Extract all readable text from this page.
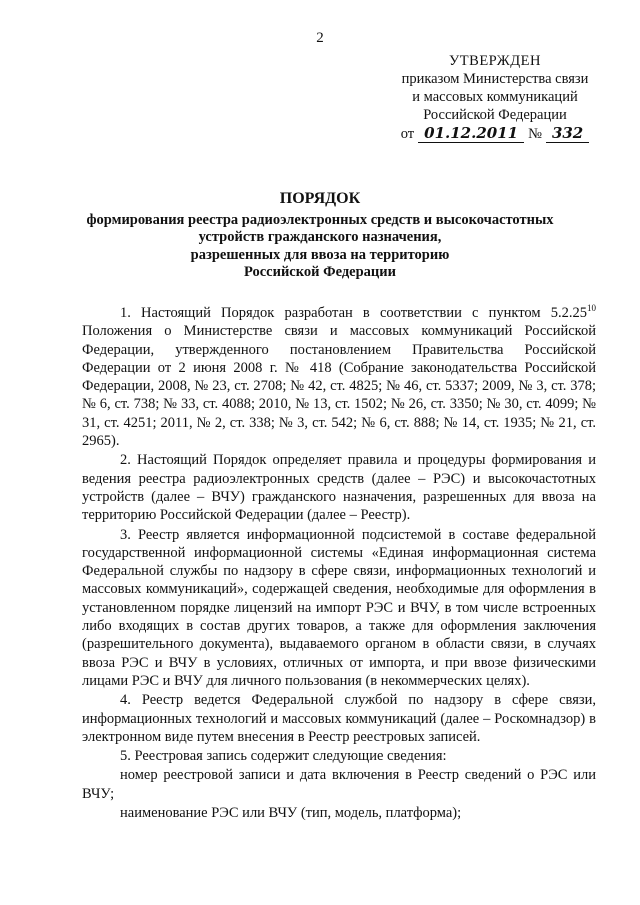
2
УТВЕРЖДЕН
приказом Министерства связи
и массовых коммуникаций
Российской Федерации
от 01.12.2011 № 332
ПОРЯДОК
формирования реестра радиоэлектронных средств и высокочастотных
устройств гражданского назначения,
разрешенных для ввоза на территорию
Российской Федерации

1. Настоящий Порядок разработан в соответствии с пунктом 5.2.25$^{10}$ Положения о Министерстве связи и массовых коммуникаций Российской Федерации, утвержденного постановлением Правительства Российской Федерации от 2 июня 2008 г. № 418 (Собрание законодательства Российской Федерации, 2008, № 23, ст. 2708; № 42, ст. 4825; № 46, ст. 5337; 2009, № 3, ст. 378; № 6, ст. 738; № 33, ст. 4088; 2010, № 13, ст. 1502; № 26, ст. 3350; № 30, ст. 4099; № 31, ст. 4251; 2011, № 2, ст. 338; № 3, ст. 542; № 6, ст. 888; № 14, ст. 1935; № 21, ст. 2965).

2. Настоящий Порядок определяет правила и процедуры формирования и ведения реестра радиоэлектронных средств (далее – РЭС) и высокочастотных устройств (далее – ВЧУ) гражданского назначения, разрешенных для ввоза на территорию Российской Федерации (далее – Реестр).

3. Реестр является информационной подсистемой в составе федеральной государственной информационной системы «Единая информационная система Федеральной службы по надзору в сфере связи, информационных технологий и массовых коммуникаций», содержащей сведения, необходимые для оформления в установленном порядке лицензий на импорт РЭС и ВЧУ, в том числе встроенных либо входящих в состав других товаров, а также для оформления заключения (разрешительного документа), выдаваемого органом в области связи, в случаях ввоза РЭС и ВЧУ в условиях, отличных от импорта, и при ввозе физическими лицами РЭС и ВЧУ для личного пользования (в некоммерческих целях).

4. Реестр ведется Федеральной службой по надзору в сфере связи, информационных технологий и массовых коммуникаций (далее – Роскомнадзор) в электронном виде путем внесения в Реестр реестровых записей.

5. Реестровая запись содержит следующие сведения:

номер реестровой записи и дата включения в Реестр сведений о РЭС или ВЧУ;

наименование РЭС или ВЧУ (тип, модель, платформа);
